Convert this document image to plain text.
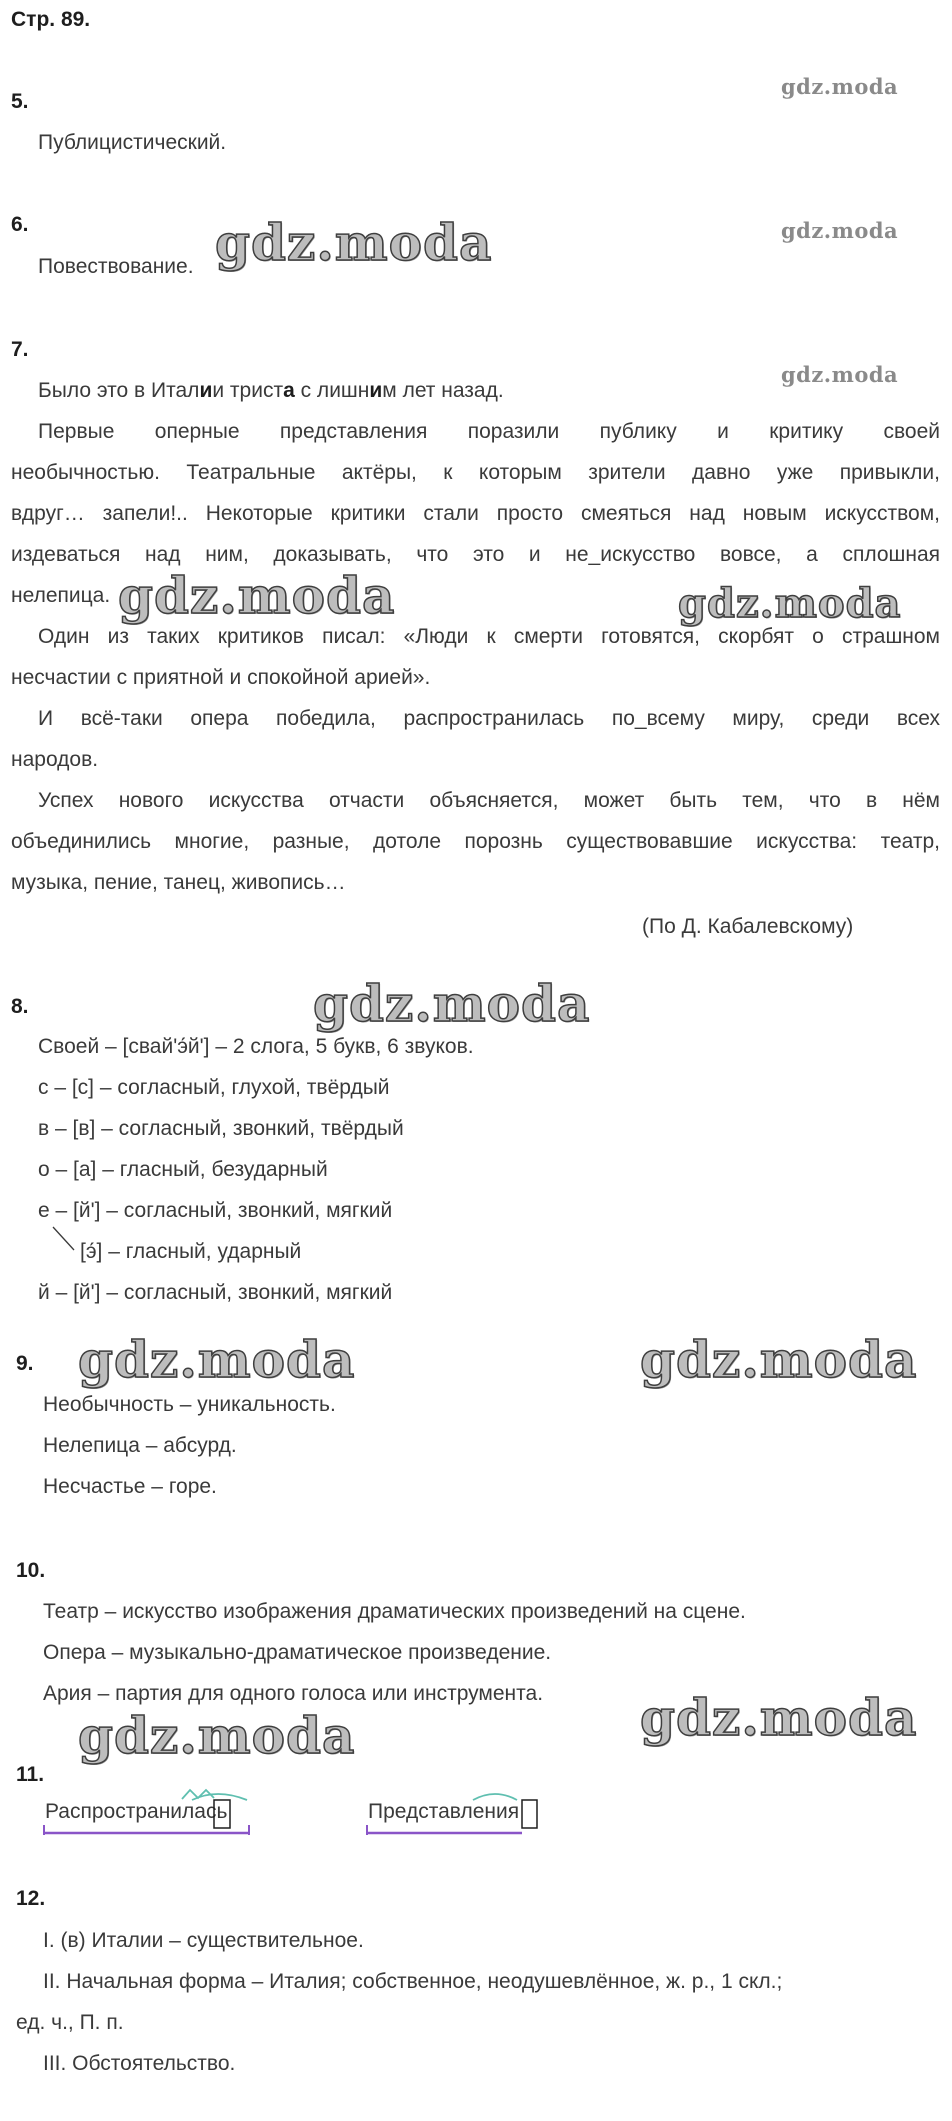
Стр. 89.
gdz.moda
gdz.moda
gdz.moda
5.
Публицистический.
6.
Повествование. gdz.moda
7.
Было это в Италии триста с лишним лет назад.
Первые оперные представления поразили публику и критику своей
необычностью. Театральные актёры, к которым зрители давно уже привыкли,
вдруг… запели!.. Некоторые критики стали просто смеяться над новым искусством,
издеваться над ним, доказывать, что это и не_искусство вовсе, а сплошная
нелепица. gdz.moda	gdz.moda
Один из таких критиков писал: «Люди к смерти готовятся, скорбят о страшном
несчастии с приятной и спокойной арией».
И всё-таки опера победила, распространилась по_всему миру, среди всех
народов.
Успех нового искусства отчасти объясняется, может быть тем, что в нём
объединились многие, разные, дотоле порознь существовавшие искусства: театр,
музыка, пение, танец, живопись…
(По Д. Кабалевскому)
8.	gdz.moda
Своей – [свай'э́й'] – 2 слога, 5 букв, 6 звуков.
с – [с] – согласный, глухой, твёрдый
в – [в] – согласный, звонкий, твёрдый
о – [а] – гласный, безударный
е – [й'] – согласный, звонкий, мягкий
[э́] – гласный, ударный
й – [й'] – согласный, звонкий, мягкий
9. gdz.moda	gdz.moda
Необычность – уникальность.
Нелепица – абсурд.
Несчастье – горе.
10.
Театр – искусство изображения драматических произведений на сцене.
Опера – музыкально-драматическое произведение.
Ария – партия для одного голоса или инструмента. gdz.moda
gdz.moda
11.
Распространилась	Представления
12.
I. (в) Италии – существительное.
II. Начальная форма – Италия; собственное, неодушевлённое, ж. р., 1 скл.;
ед. ч., П. п.
III. Обстоятельство.
